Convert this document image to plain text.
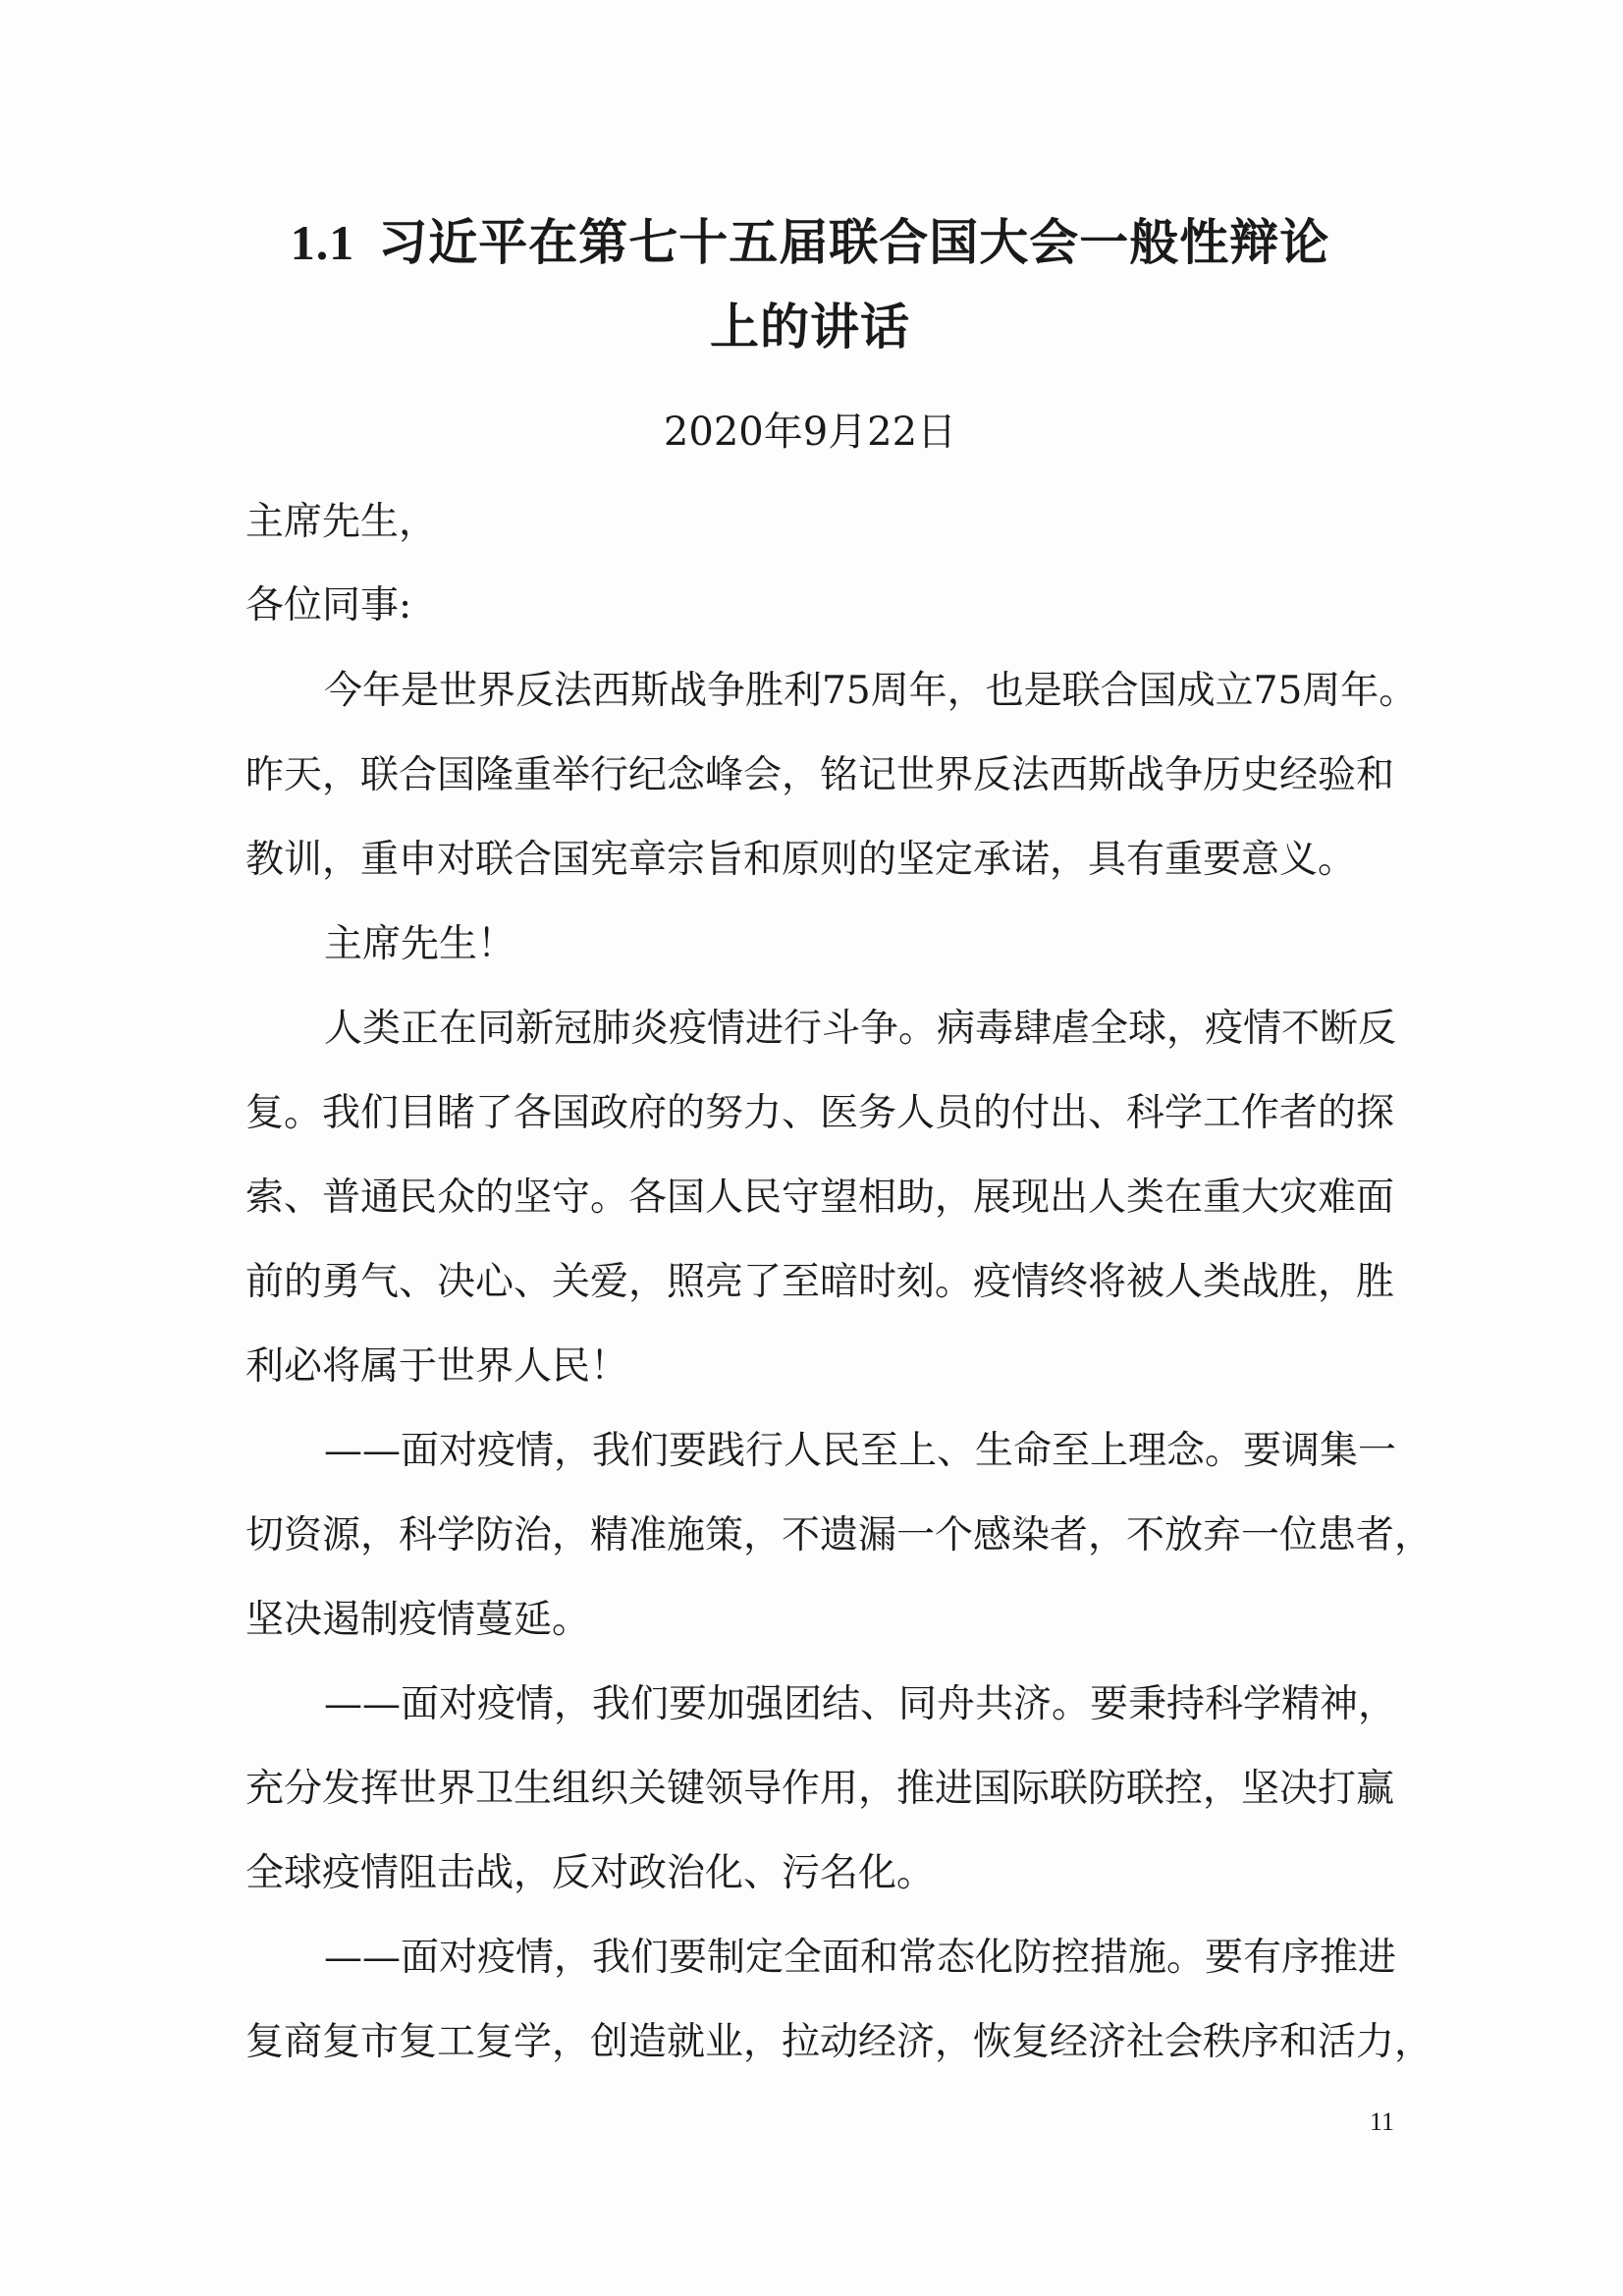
1.1 习近平在第七十五届联合国大会一般性辩论
上的讲话
2020年9月22日
主席先生，
各位同事:
今年是世界反法西斯战争胜利75周年，也是联合国成立75周年。
昨天，联合国隆重举行纪念峰会，铭记世界反法西斯战争历史经验和
教训，重申对联合国宪章宗旨和原则的坚定承诺，具有重要意义。
主席先生！
人类正在同新冠肺炎疫情进行斗争。病毒肆虐全球，疫情不断反
复。我们目睹了各国政府的努力、医务人员的付出、科学工作者的探
索、普通民众的坚守。各国人民守望相助，展现出人类在重大灾难面
前的勇气、决心、关爱，照亮了至暗时刻。疫情终将被人类战胜，胜
利必将属于世界人民！
——面对疫情，我们要践行人民至上、生命至上理念。要调集一
切资源，科学防治，精准施策，不遗漏一个感染者，不放弃一位患者，
坚决遏制疫情蔓延。
——面对疫情，我们要加强团结、同舟共济。要秉持科学精神，
充分发挥世界卫生组织关键领导作用，推进国际联防联控，坚决打赢
全球疫情阻击战，反对政治化、污名化。
——面对疫情，我们要制定全面和常态化防控措施。要有序推进
复商复市复工复学，创造就业，拉动经济，恢复经济社会秩序和活力，
11
